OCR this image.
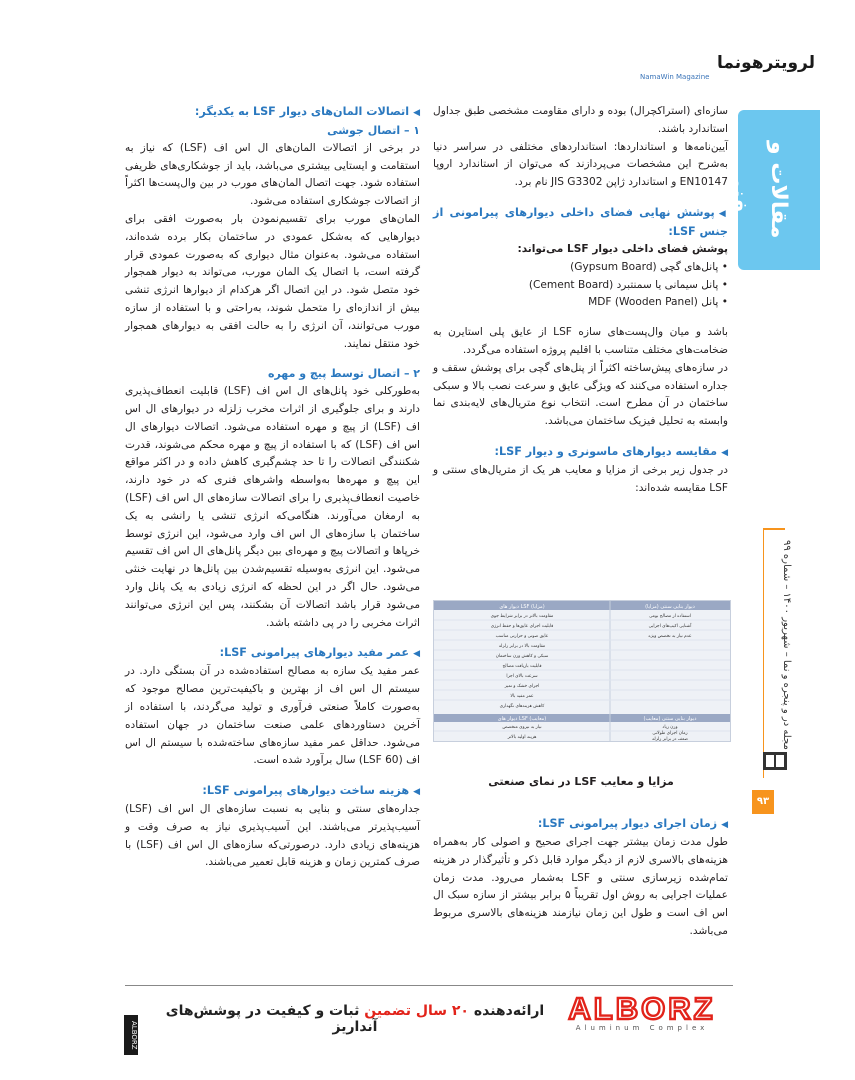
لرویترهونما
NamaWin Magazine
مقالات و فنی
مجله در و پنجره و نما – شهریور ۱۴۰۰ – شماره ۹۹
۹۳

سازه‌ای (استراکچرال) بوده و دارای مقاومت مشخصی طبق جداول استاندارد باشند.

آیین‌نامه‌ها و استانداردها: استانداردهای مختلفی در سراسر دنیا به‌شرح این مشخصات می‌پردازند که می‌توان از استاندارد اروپا EN10147 و استاندارد ژاپن JIS G3302 نام برد.

◀پوشش نهایی فضای داخلی دیوارهای پیرامونی از جنس LSF:

پوشش فضای داخلی دیوار LSF می‌تواند:

• پانل‌های گچی (Gypsum Board)

• پانل سیمانی یا سمنتبرد (Cement Board)

• پانل MDF (Wooden Panel)

باشد و میان وال‌پست‌های سازه LSF از عایق پلی استایرن به ضخامت‌های مختلف متناسب با اقلیم پروژه استفاده می‌گردد.

در سازه‌های پیش‌ساخته اکثراً از پنل‌های گچی برای پوشش سقف و جداره استفاده می‌کنند که ویژگی عایق و سرعت نصب بالا و سبکی ساختمان در آن مطرح است. انتخاب نوع متریال‌های لایه‌بندی نما وابسته به تحلیل فیزیک ساختمان می‌باشد.

◀مقایسه دیوارهای ماسونری و دیوار LSF:

در جدول زیر برخی از مزایا و معایب هر یک از متریال‌های سنتی و LSF مقایسه شده‌اند:

دیوار بنایی سنتی (مزایا)
دیوار های LSF (مزایا)
مقاومت بالاتر در برابر شرایط جوی
قابلیت اجرای عایق‌ها و حفظ انرژی
عایق صوتی و حرارتی مناسب
مقاومت بالا در برابر زلزله
سبکی و کاهش وزن ساختمان
قابلیت بازیافت مصالح
سرعت بالای اجرا
اجرای خشک و تمیز
عمر مفید بالا
کاهش هزینه‌های نگهداری
استفاده از مصالح بومی
آشنایی اکیپ‌های اجرایی
عدم نیاز به تخصص ویژه
دیوار بنایی سنتی (معایب)
دیوار های LSF (معایب)
نیاز به نیروی متخصص
هزینه اولیه بالاتر
وزن زیاد
زمان اجرای طولانی
ضعف در برابر زلزله
مزایا و معایب LSF در نمای صنعتی

◀زمان اجرای دیوار پیرامونی LSF:

طول مدت زمان بیشتر جهت اجرای صحیح و اصولی کار به‌همراه هزینه‌های بالاسری لازم از دیگر موارد قابل ذکر و تأثیرگذار در هزینه تمام‌شده زیرسازی سنتی و LSF به‌شمار می‌رود. مدت زمان عملیات اجرایی به روش اول تقریباً ۵ برابر بیشتر از سازه سبک ال اس اف است و طول این زمان نیازمند هزینه‌های بالاسری مربوط می‌باشد.

◀اتصالات المان‌های دیوار LSF به یکدیگر:

۱ – اتصال جوشی

در برخی از اتصالات المان‌های ال اس اف (LSF) که نیاز به استقامت و ایستایی بیشتری می‌باشد، باید از جوشکاری‌های ظریفی استفاده شود. جهت اتصال المان‌های مورب در بین وال‌پست‌ها اکثراً از اتصالات جوشکاری استفاده می‌شود.

المان‌های مورب برای تقسیم‌نمودن بار به‌صورت افقی برای دیوارهایی که به‌شکل عمودی در ساختمان بکار برده شده‌اند، استفاده می‌شود. به‌عنوان مثال دیواری که به‌صورت عمودی قرار گرفته است، با اتصال یک المان مورب، می‌تواند به دیوار همجوار خود متصل شود. در این اتصال اگر هرکدام از دیوارها انرژی تنشی بیش از اندازه‌ای را متحمل شوند، به‌راحتی و با استفاده از سازه مورب می‌توانند، آن انرژی را به حالت افقی به دیوارهای همجوار خود منتقل نمایند.

۲ – اتصال توسط پیچ و مهره

به‌طورکلی خود پانل‌های ال اس اف (LSF) قابلیت انعطاف‌پذیری دارند و برای جلوگیری از اثرات مخرب زلزله در دیوارهای ال اس اف (LSF) از پیچ و مهره استفاده می‌شود. اتصالات دیوارهای ال اس اف (LSF) که با استفاده از پیچ و مهره محکم می‌شوند، قدرت شکنندگی اتصالات را تا حد چشم‌گیری کاهش داده و در اکثر مواقع این پیچ و مهره‌ها به‌واسطه واشرهای فنری که در خود دارند، خاصیت انعطاف‌پذیری را برای اتصالات سازه‌های ال اس اف (LSF) به ارمغان می‌آورند. هنگامی‌که انرژی تنشی یا رانشی به یک ساختمان با سازه‌های ال اس اف وارد می‌شود، این انرژی توسط خرپاها و اتصالات پیچ و مهره‌ای بین دیگر پانل‌های ال اس اف تقسیم می‌شود. این انرژی به‌وسیله تقسیم‌شدن بین پانل‌ها در نهایت خنثی می‌شود. حال اگر در این لحظه که انرژی زیادی به یک پانل وارد می‌شود قرار باشد اتصالات آن بشکنند، پس این انرژی می‌توانند اثرات مخربی را در پی داشته باشد.

◀عمر مفید دیوارهای پیرامونی LSF:

عمر مفید یک سازه به مصالح استفاده‌شده در آن بستگی دارد. در سیستم ال اس اف از بهترین و باکیفیت‌ترین مصالح موجود که به‌صورت کاملاً صنعتی فرآوری و تولید می‌گردند، با استفاده از آخرین دستاوردهای علمی صنعت ساختمان در جهان استفاده می‌شود. حداقل عمر مفید سازه‌های ساخته‌شده با سیستم ال اس اف (LSF 60) سال برآورد شده است.

◀هزینه ساخت دیوارهای پیرامونی LSF:

جداره‌های سنتی و بنایی به نسبت سازه‌های ال اس اف (LSF) آسیب‌پذیرتر می‌باشند. این آسیب‌پذیری نیاز به صرف وقت و هزینه‌های زیادی دارد. درصورتی‌که سازه‌های ال اس اف (LSF) با صرف کمترین زمان و هزینه قابل تعمیر می‌باشند.

ALBORZ
ارائه‌دهنده ۲۰ سال تضمین ثبات و کیفیت در پوشش‌های آنداریز
ALBORZ
Aluminum Complex
